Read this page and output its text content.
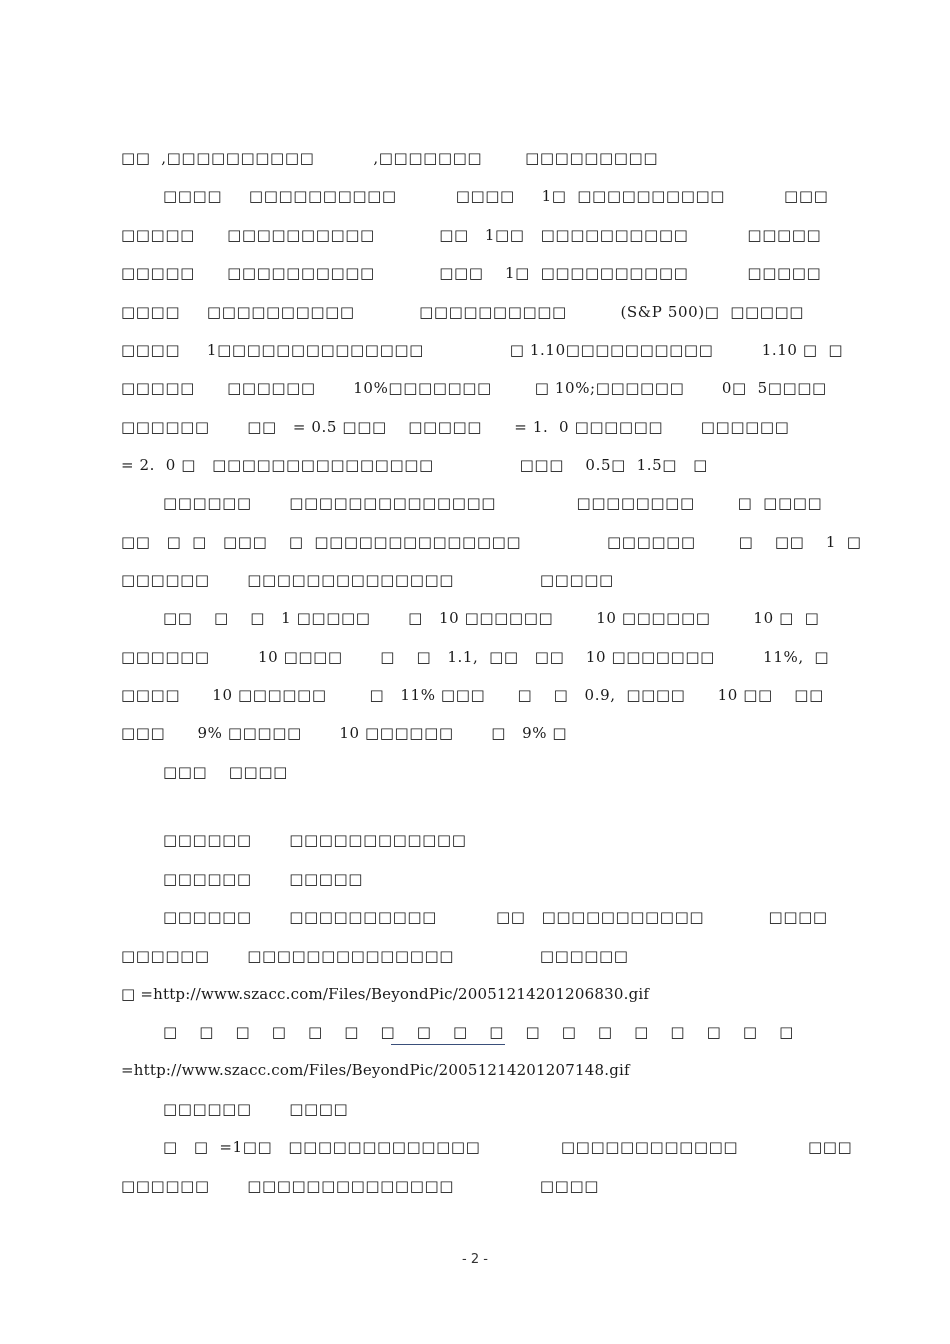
□□  ,□□□□□□□□□□           ,□□□□□□□        □□□□□□□□□
□□□□     □□□□□□□□□□           □□□□     1□  □□□□□□□□□□           □□□
□□□□□      □□□□□□□□□□            □□   1□□   □□□□□□□□□□           □□□□□
□□□□□      □□□□□□□□□□            □□□    1□  □□□□□□□□□□           □□□□□
□□□□     □□□□□□□□□□            □□□□□□□□□□          (S&P 500)□  □□□□□
□□□□     1□□□□□□□□□□□□□□                □ 1.10□□□□□□□□□□         1.10 □  □
□□□□□      □□□□□□       10%□□□□□□□        □ 10%;□□□□□□       0□  5□□□□
□□□□□□       □□   = 0.5 □□□    □□□□□      = 1.  0 □□□□□□       □□□□□□
= 2.  0 □   □□□□□□□□□□□□□□□                □□□    0.5□  1.5□   □
□□□□□□       □□□□□□□□□□□□□□               □□□□□□□□        □  □□□□
□□   □  □   □□□    □  □□□□□□□□□□□□□□                □□□□□□        □    □□    1  □
□□□□□□       □□□□□□□□□□□□□□                □□□□□
□□    □    □   1 □□□□□       □   10 □□□□□□        10 □□□□□□        10 □  □
□□□□□□         10 □□□□       □    □   1.1,  □□   □□    10 □□□□□□□         11%,  □
□□□□      10 □□□□□□        □   11% □□□      □    □   0.9,  □□□□      10 □□    □□
□□□      9% □□□□□       10 □□□□□□       □   9% □
□□□    □□□□
□□□□□□       □□□□□□□□□□□□
□□□□□□       □□□□□
□□□□□□       □□□□□□□□□□           □□   □□□□□□□□□□□            □□□□
□□□□□□       □□□□□□□□□□□□□□                □□□□□□
□ =http://www.szacc.com/Files/BeyondPic/20051214201206830.gif
□    □    □    □    □    □    □    □    □    □    □    □    □    □    □    □    □    □
=http://www.szacc.com/Files/BeyondPic/20051214201207148.gif
□□□□□□       □□□□
□   □  =1□□   □□□□□□□□□□□□□               □□□□□□□□□□□□             □□□
□□□□□□       □□□□□□□□□□□□□□                □□□□
- 2 -
